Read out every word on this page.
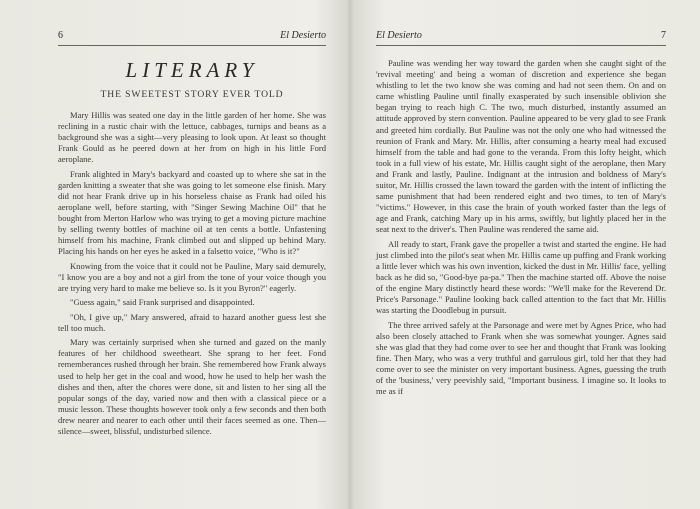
6	El Desierto
LITERARY
THE SWEETEST STORY EVER TOLD

Mary Hillis was seated one day in the little garden of her home. She was reclining in a rustic chair with the lettuce, cabbages, turnips and beans as a background she was a sight—very pleasing to look upon. At least so thought Frank Gould as he peered down at her from on high in his little Ford aeroplane.

Frank alighted in Mary's backyard and coasted up to where she sat in the garden knitting a sweater that she was going to let someone else finish. Mary did not hear Frank drive up in his horseless chaise as Frank had oiled his aeroplane well, before starting, with "Singer Sewing Machine Oil" that he bought from Merton Harlow who was trying to get a moving picture machine by selling twenty bottles of machine oil at ten cents a bottle. Unfastening himself from his machine, Frank climbed out and slipped up behind Mary. Placing his hands on her eyes he asked in a falsetto voice, "Who is it?"

Knowing from the voice that it could not be Pauline, Mary said demurely, "I know you are a boy and not a girl from the tone of your voice though you are trying very hard to make me believe so. Is it you Byron?" eagerly.

"Guess again," said Frank surprised and disappointed.

"Oh, I give up," Mary answered, afraid to hazard another guess lest she tell too much.

Mary was certainly surprised when she turned and gazed on the manly features of her childhood sweetheart. She sprang to her feet. Fond rememberances rushed through her brain. She remembered how Frank always used to help her get in the coal and wood, how he used to help her wash the dishes and then, after the chores were done, sit and listen to her sing all the popular songs of the day, varied now and then with a classical piece or a music lesson. These thoughts however took only a few seconds and then both drew nearer and nearer to each other until their faces seemed as one. Then—silence—sweet, blissful, undisturbed silence.

El Desierto	7

Pauline was wending her way toward the garden when she caught sight of the 'revival meeting' and being a woman of discretion and experience she began whistling to let the two know she was coming and had not seen them. On and on came whistling Pauline until finally exasperated by such insensible oblivion she began trying to reach high C. The two, much disturbed, instantly assumed an attitude approved by stern convention. Pauline appeared to be very glad to see Frank and greeted him cordially. But Pauline was not the only one who had witnessed the reunion of Frank and Mary. Mr. Hillis, after consuming a hearty meal had excused himself from the table and had gone to the veranda. From this lofty height, which took in a full view of his estate, Mr. Hillis caught sight of the aeroplane, then Mary and Frank and lastly, Pauline. Indignant at the intrusion and boldness of Mary's suitor, Mr. Hillis crossed the lawn toward the garden with the intent of inflicting the same punishment that had been rendered eight and two times, to ten of Mary's "victims." However, in this case the brain of youth worked faster than the legs of age and Frank, catching Mary up in his arms, swiftly, but lightly placed her in the seat next to the driver's. Then Pauline was rendered the same aid.

All ready to start, Frank gave the propeller a twist and started the engine. He had just climbed into the pilot's seat when Mr. Hillis came up puffing and Frank working a little lever which was his own invention, kicked the dust in Mr. Hillis' face, yelling back as he did so, "Good-bye pa-pa." Then the machine started off. Above the noise of the engine Mary distinctly heard these words: "We'll make for the Reverend Dr. Price's Parsonage." Pauline looking back called attention to the fact that Mr. Hillis was starting the Doodlebug in pursuit.

The three arrived safely at the Parsonage and were met by Agnes Price, who had also been closely attached to Frank when she was somewhat younger. Agnes said she was glad that they had come over to see her and thought that Frank was looking fine. Then Mary, who was a very truthful and garrulous girl, told her that they had come over to see the minister on very important business. Agnes, guessing the truth of the 'business,' very peevishly said, "Important business. I imagine so. It looks to me as if
